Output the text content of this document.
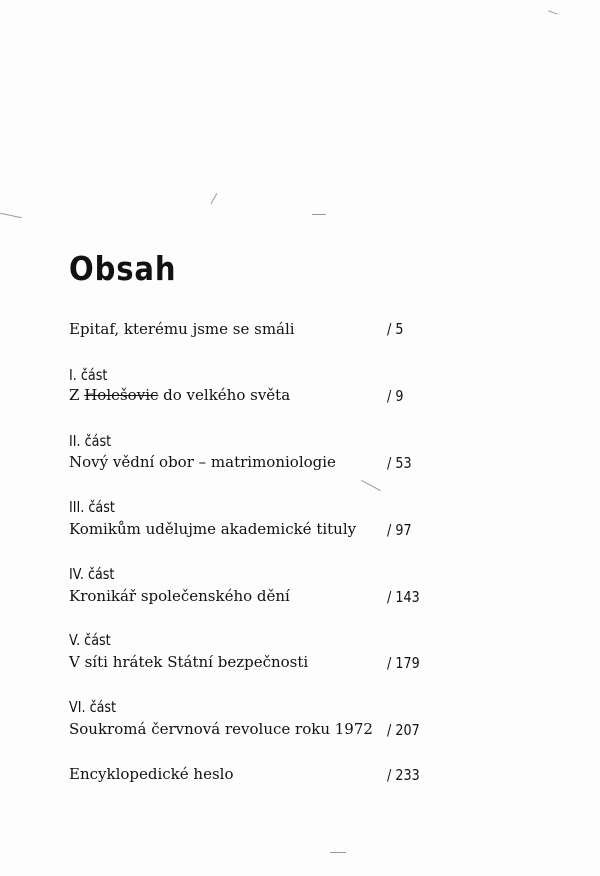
Obsah
Epitaf, kterému jsme se smáli	/ 5
I. část
Z Holešovic do velkého světa	/ 9
II. část
Nový vědní obor – matrimoniologie	/ 53
III. část
Komikům udělujme akademické tituly / 97
IV. část
Kronikář společenského dění	/ 143
V. část
V síti hrátek Státní bezpečnosti	/ 179
VI. část
Soukromá červnová revoluce roku 1972 / 207
Encyklopedické heslo	/ 233
